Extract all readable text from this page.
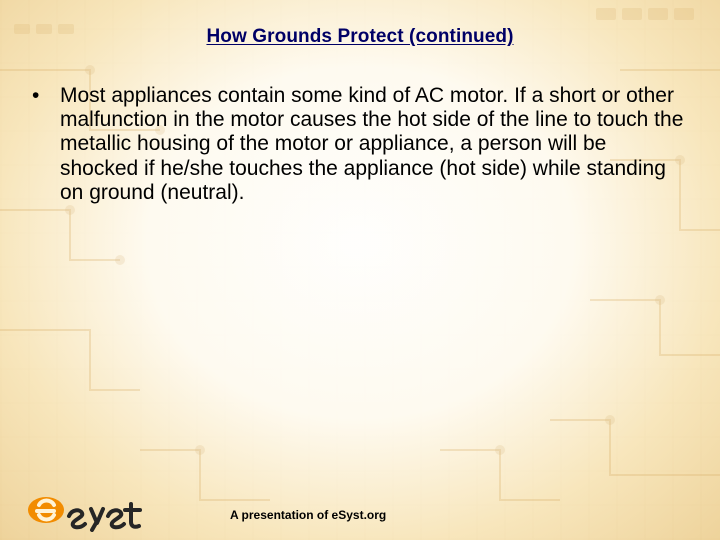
How Grounds Protect (continued)
• Most appliances contain some kind of AC motor. If a short or other malfunction in the motor causes the hot side of the line to touch the metallic housing of the motor or appliance, a person will be shocked if he/she touches the appliance (hot side) while standing on ground (neutral).
A presentation of eSyst.org
